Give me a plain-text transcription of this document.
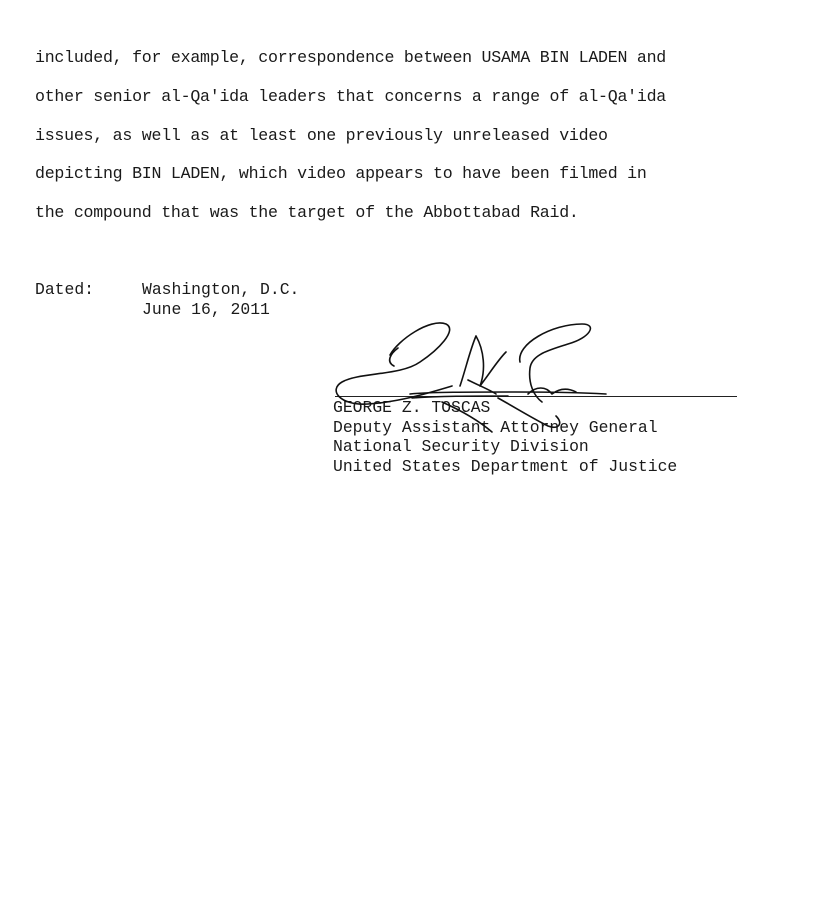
included, for example, correspondence between USAMA BIN LADEN and
other senior al-Qa'ida leaders that concerns a range of al-Qa'ida
issues, as well as at least one previously unreleased video
depicting BIN LADEN, which video appears to have been filmed in
the compound that was the target of the Abbottabad Raid.
Dated:	Washington, D.C.
June 16, 2011
GEORGE Z. TOSCAS
Deputy Assistant Attorney General
National Security Division
United States Department of Justice
